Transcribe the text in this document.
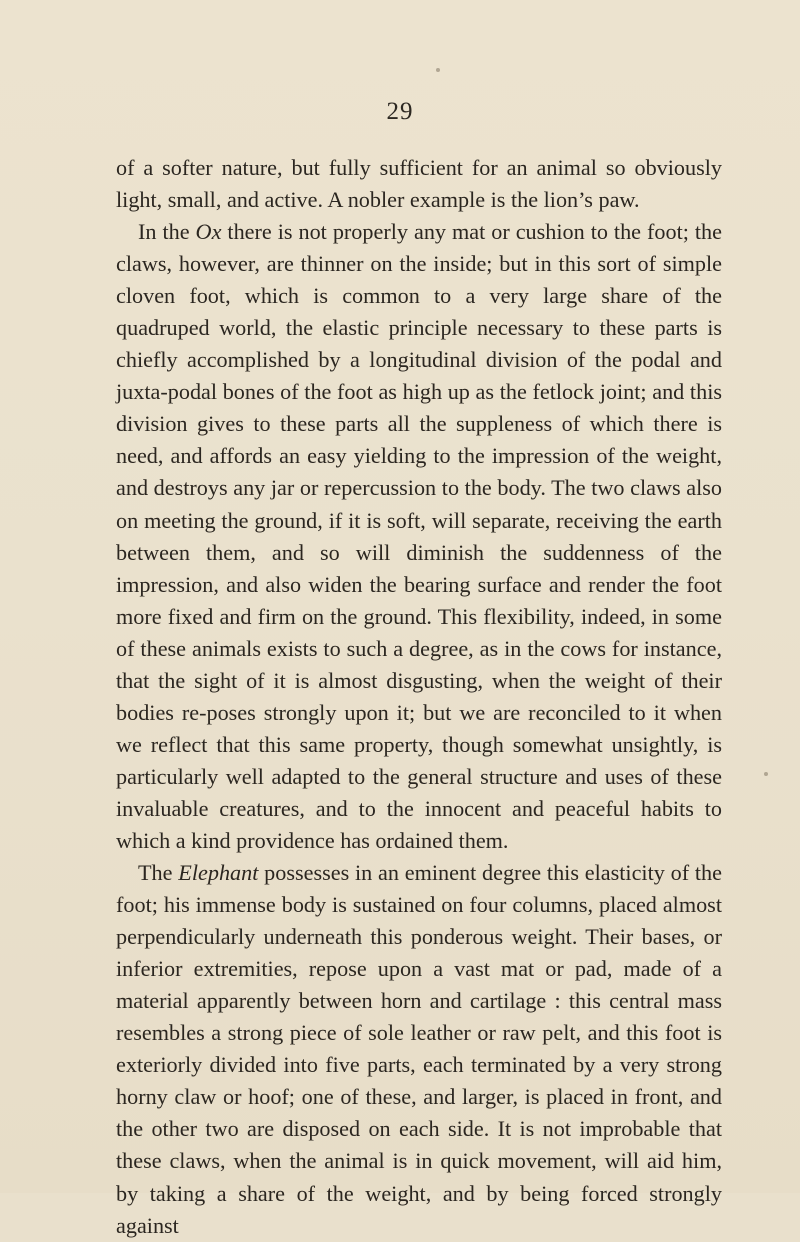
29

of a softer nature, but fully sufficient for an animal so obviously light, small, and active. A nobler example is the lion’s paw.

In the Ox there is not properly any mat or cushion to the foot; the claws, however, are thinner on the inside; but in this sort of simple cloven foot, which is common to a very large share of the quadruped world, the elastic principle necessary to these parts is chiefly accomplished by a longitudinal division of the podal and juxta-podal bones of the foot as high up as the fetlock joint; and this division gives to these parts all the suppleness of which there is need, and affords an easy yielding to the impression of the weight, and destroys any jar or repercussion to the body. The two claws also on meeting the ground, if it is soft, will separate, receiving the earth between them, and so will diminish the suddenness of the impression, and also widen the bearing surface and render the foot more fixed and firm on the ground. This flexibility, indeed, in some of these animals exists to such a degree, as in the cows for instance, that the sight of it is almost disgusting, when the weight of their bodies re-poses strongly upon it; but we are reconciled to it when we reflect that this same property, though somewhat unsightly, is particularly well adapted to the general structure and uses of these invaluable creatures, and to the innocent and peaceful habits to which a kind providence has ordained them.

The Elephant possesses in an eminent degree this elasticity of the foot; his immense body is sustained on four columns, placed almost perpendicularly underneath this ponderous weight. Their bases, or inferior extremities, repose upon a vast mat or pad, made of a material apparently between horn and cartilage : this central mass resembles a strong piece of sole leather or raw pelt, and this foot is exteriorly divided into five parts, each terminated by a very strong horny claw or hoof; one of these, and larger, is placed in front, and the other two are disposed on each side. It is not improbable that these claws, when the animal is in quick movement, will aid him, by taking a share of the weight, and by being forced strongly against
